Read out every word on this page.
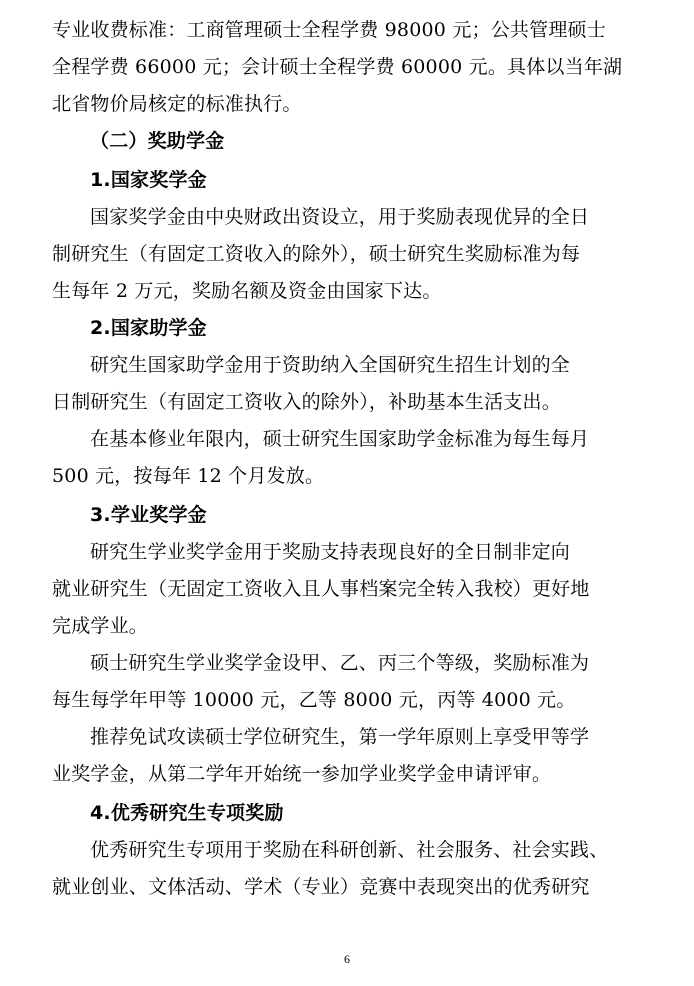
专业收费标准：工商管理硕士全程学费 98000 元；公共管理硕士
全程学费 66000 元；会计硕士全程学费 60000 元。具体以当年湖
北省物价局核定的标准执行。
（二）奖助学金
1.国家奖学金
国家奖学金由中央财政出资设立，用于奖励表现优异的全日
制研究生（有固定工资收入的除外），硕士研究生奖励标准为每
生每年 2 万元，奖励名额及资金由国家下达。
2.国家助学金
研究生国家助学金用于资助纳入全国研究生招生计划的全
日制研究生（有固定工资收入的除外），补助基本生活支出。
在基本修业年限内，硕士研究生国家助学金标准为每生每月
500 元，按每年 12 个月发放。
3.学业奖学金
研究生学业奖学金用于奖励支持表现良好的全日制非定向
就业研究生（无固定工资收入且人事档案完全转入我校）更好地
完成学业。
硕士研究生学业奖学金设甲、乙、丙三个等级，奖励标准为
每生每学年甲等 10000 元，乙等 8000 元，丙等 4000 元。
推荐免试攻读硕士学位研究生，第一学年原则上享受甲等学
业奖学金，从第二学年开始统一参加学业奖学金申请评审。
4.优秀研究生专项奖励
优秀研究生专项用于奖励在科研创新、社会服务、社会实践、
就业创业、文体活动、学术（专业）竞赛中表现突出的优秀研究
6
